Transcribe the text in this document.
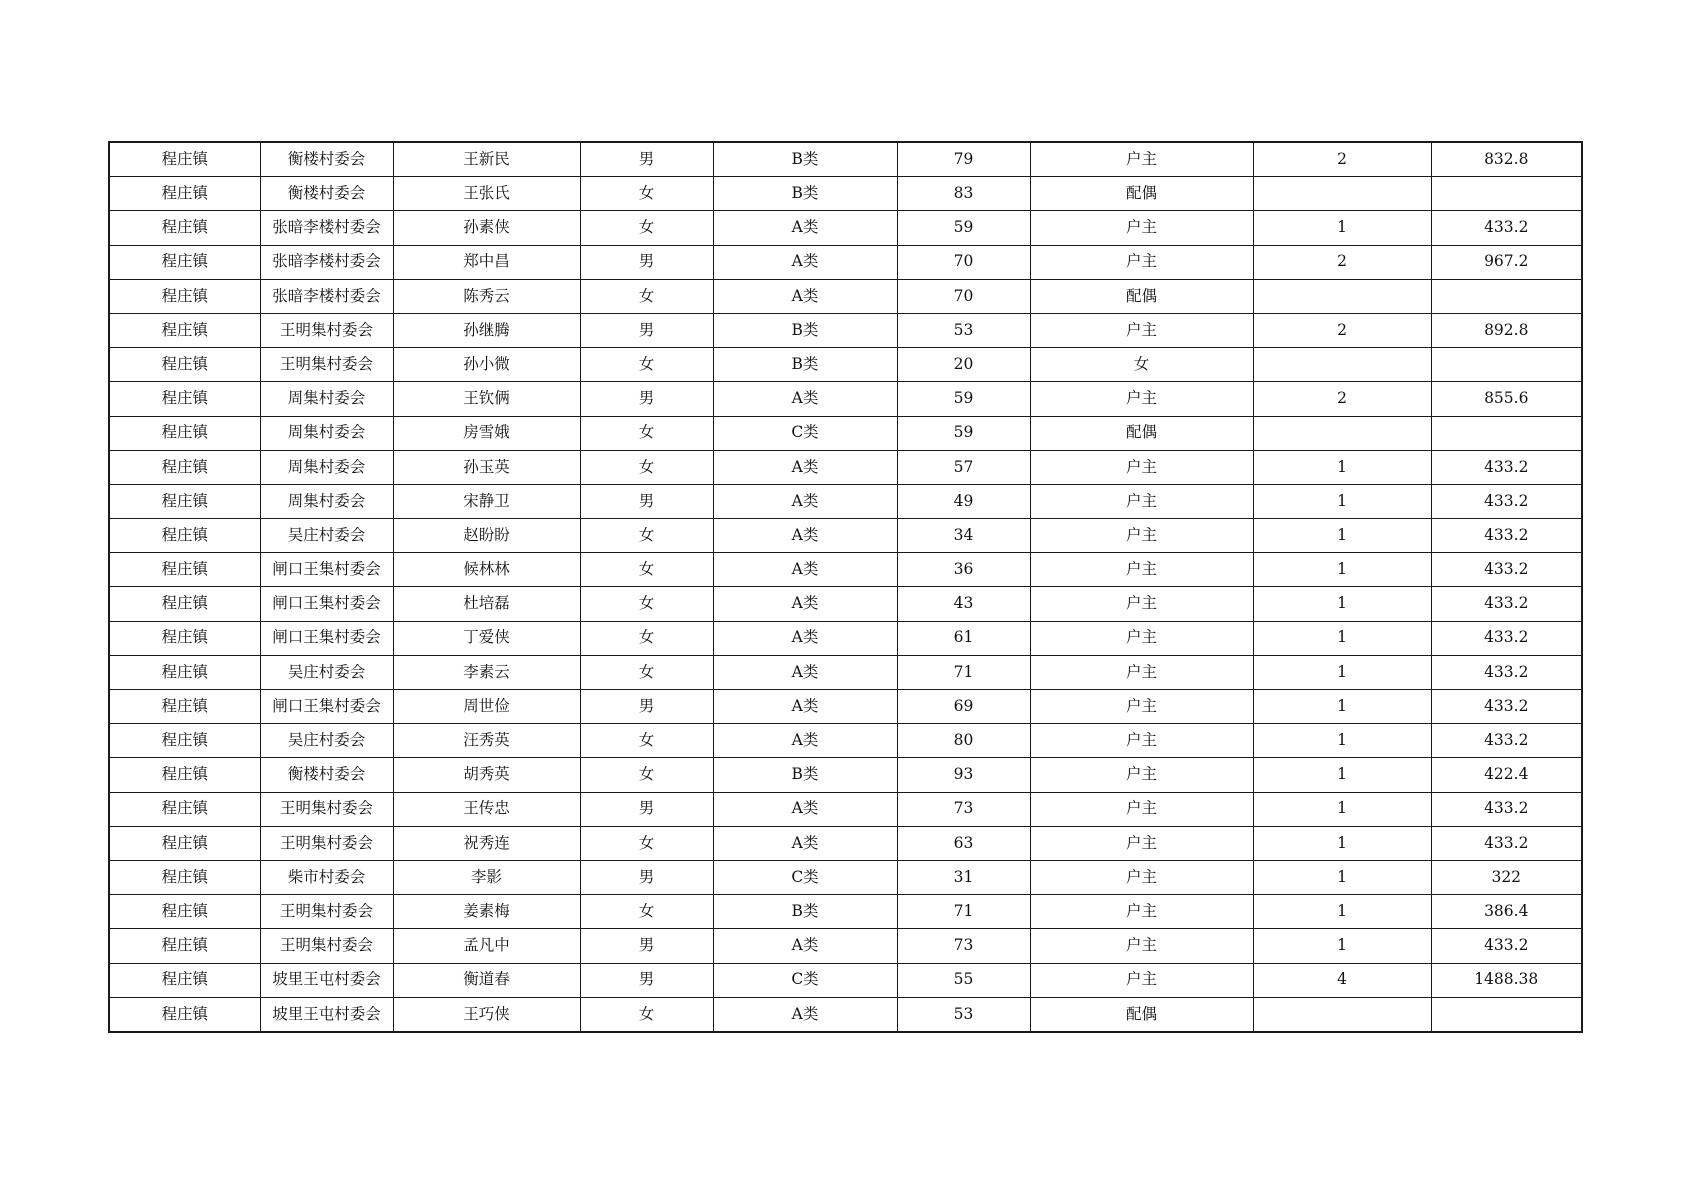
程庄镇	衡楼村委会	王新民	男	B类	79	户主	2	832.8
程庄镇	衡楼村委会	王张氏	女	B类	83	配偶		
程庄镇	张暗李楼村委会	孙素侠	女	A类	59	户主	1	433.2
程庄镇	张暗李楼村委会	郑中昌	男	A类	70	户主	2	967.2
程庄镇	张暗李楼村委会	陈秀云	女	A类	70	配偶		
程庄镇	王明集村委会	孙继腾	男	B类	53	户主	2	892.8
程庄镇	王明集村委会	孙小微	女	B类	20	女		
程庄镇	周集村委会	王钦俩	男	A类	59	户主	2	855.6
程庄镇	周集村委会	房雪娥	女	C类	59	配偶		
程庄镇	周集村委会	孙玉英	女	A类	57	户主	1	433.2
程庄镇	周集村委会	宋静卫	男	A类	49	户主	1	433.2
程庄镇	吴庄村委会	赵盼盼	女	A类	34	户主	1	433.2
程庄镇	闸口王集村委会	候林林	女	A类	36	户主	1	433.2
程庄镇	闸口王集村委会	杜培磊	女	A类	43	户主	1	433.2
程庄镇	闸口王集村委会	丁爱侠	女	A类	61	户主	1	433.2
程庄镇	吴庄村委会	李素云	女	A类	71	户主	1	433.2
程庄镇	闸口王集村委会	周世俭	男	A类	69	户主	1	433.2
程庄镇	吴庄村委会	汪秀英	女	A类	80	户主	1	433.2
程庄镇	衡楼村委会	胡秀英	女	B类	93	户主	1	422.4
程庄镇	王明集村委会	王传忠	男	A类	73	户主	1	433.2
程庄镇	王明集村委会	祝秀连	女	A类	63	户主	1	433.2
程庄镇	柴市村委会	李影	男	C类	31	户主	1	322
程庄镇	王明集村委会	姜素梅	女	B类	71	户主	1	386.4
程庄镇	王明集村委会	孟凡中	男	A类	73	户主	1	433.2
程庄镇	坡里王屯村委会	衡道春	男	C类	55	户主	4	1488.38
程庄镇	坡里王屯村委会	王巧侠	女	A类	53	配偶		
